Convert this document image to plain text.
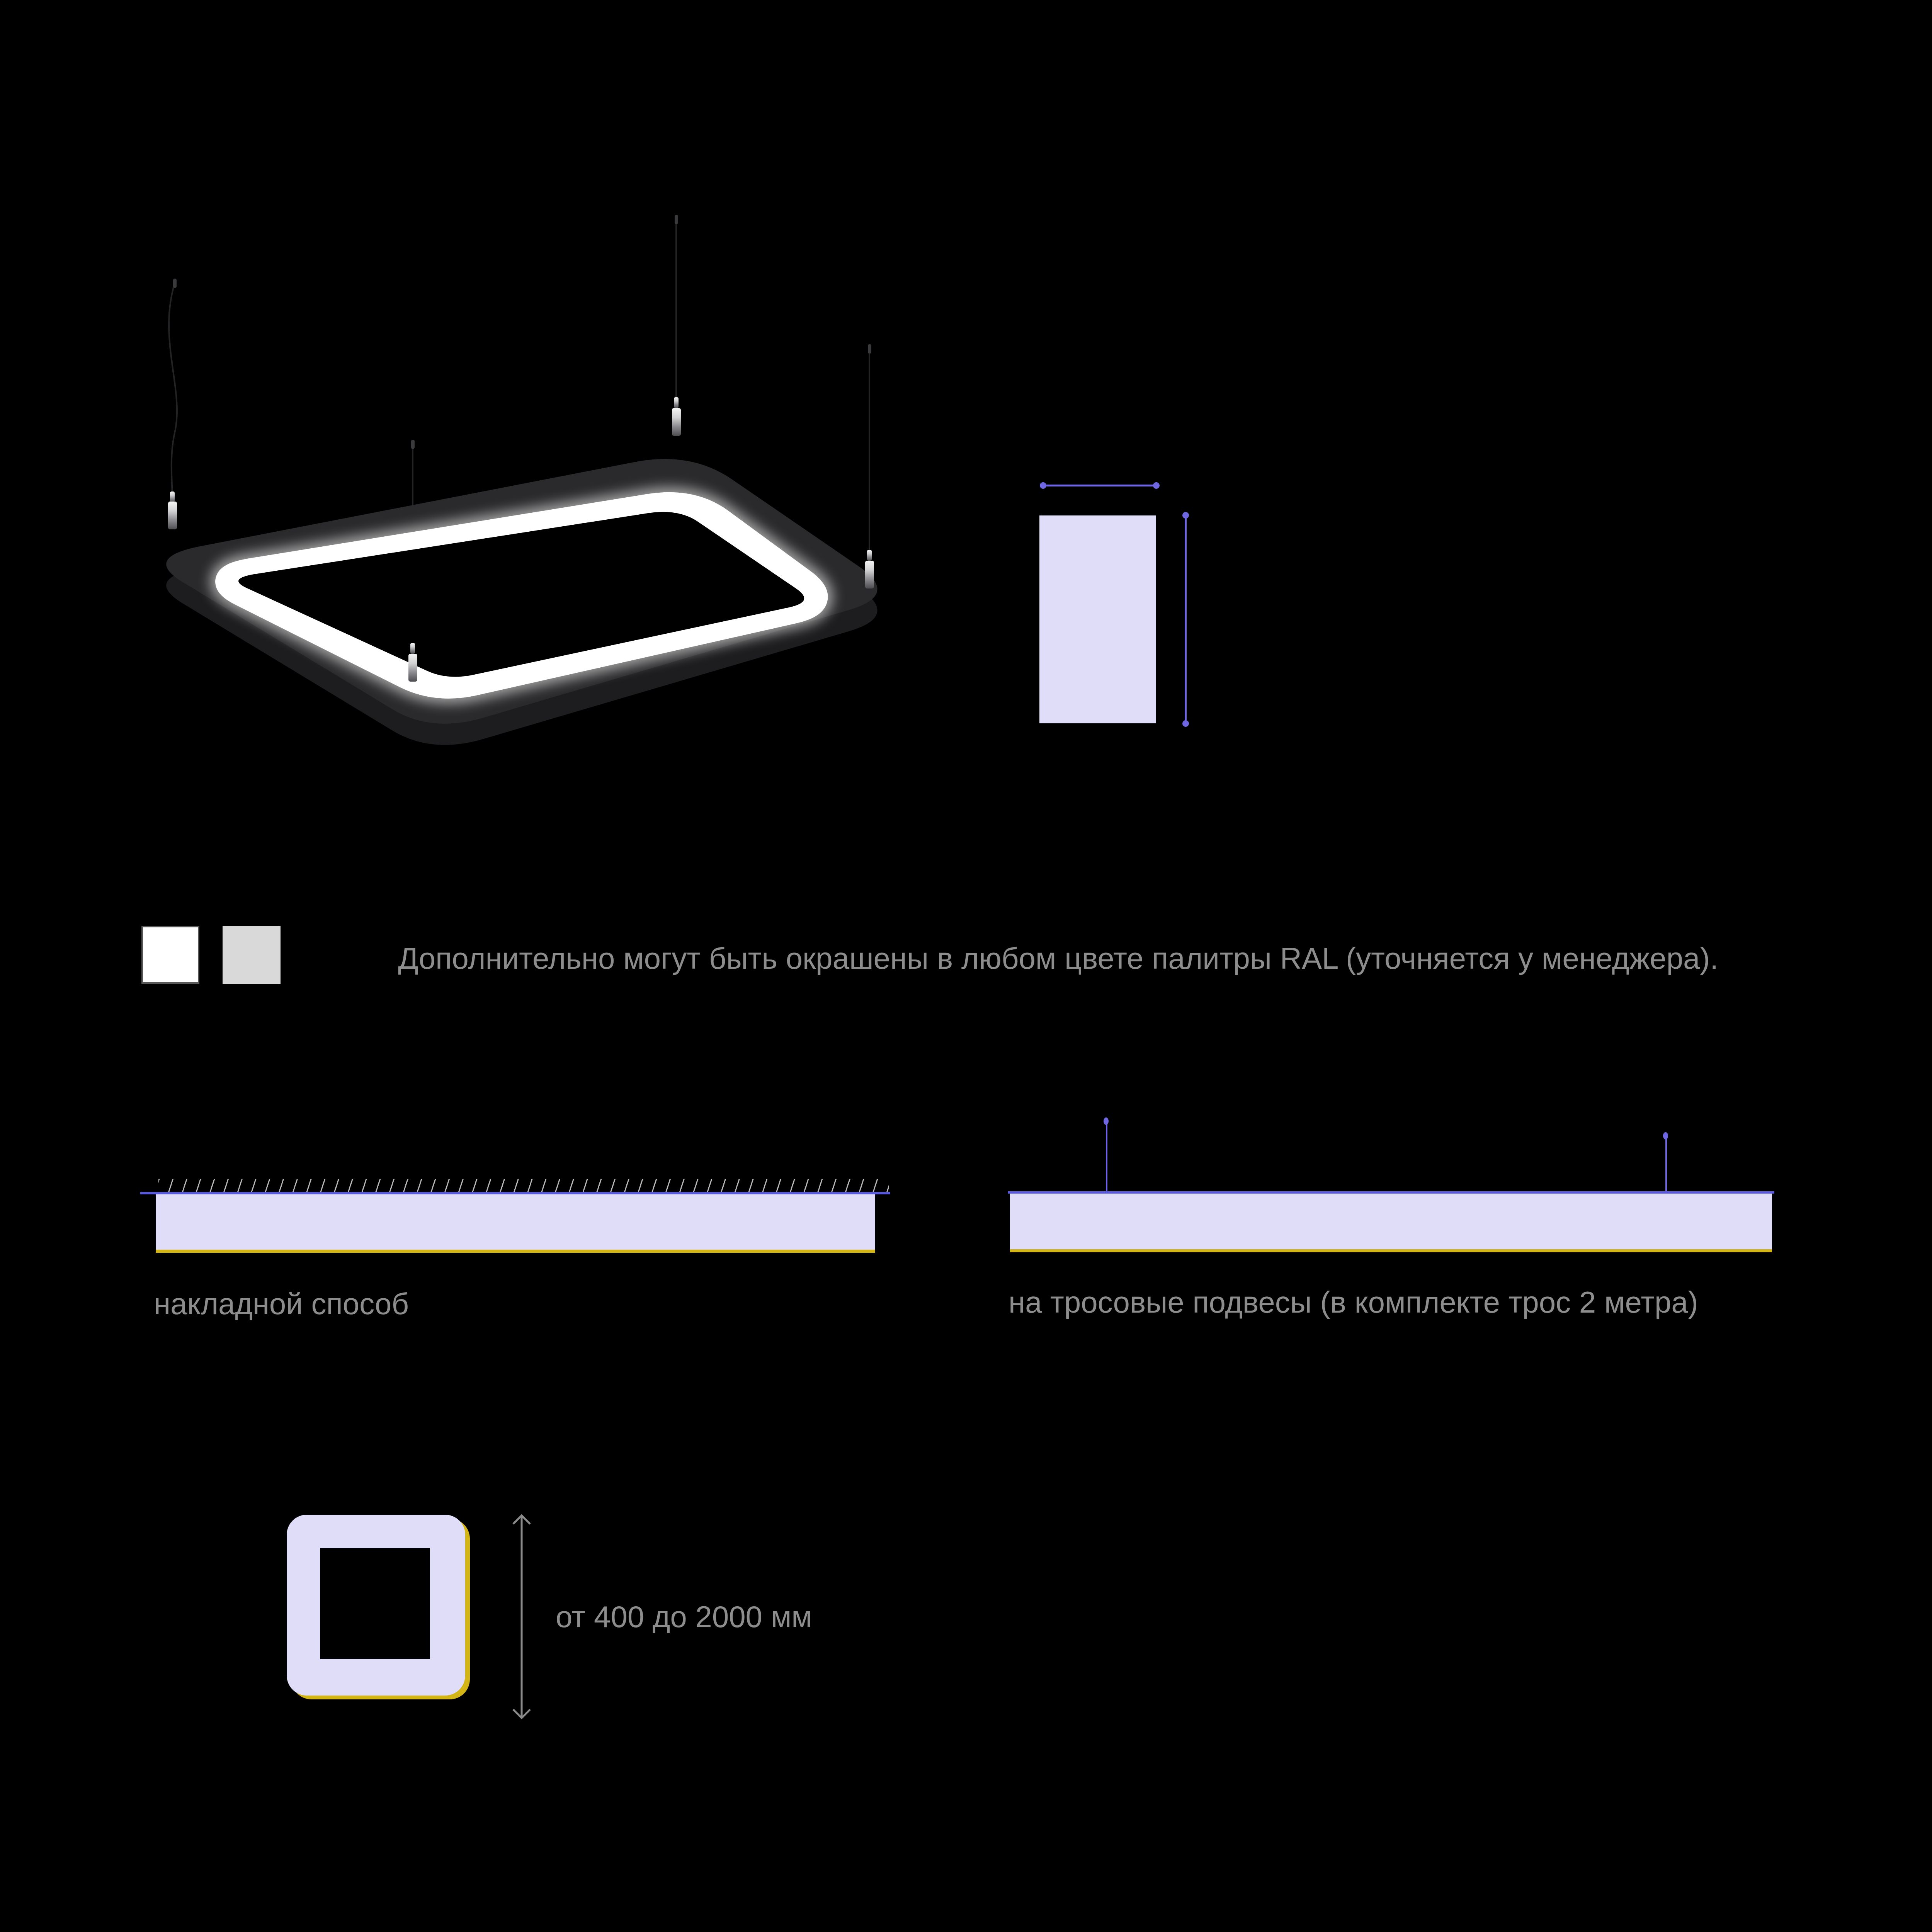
Дополнительно могут быть окрашены в любом цвете палитры RAL (уточняется у менеджера).
накладной способ	на тросовые подвесы (в комплекте трос 2 метра)
от 400 до 2000 мм
